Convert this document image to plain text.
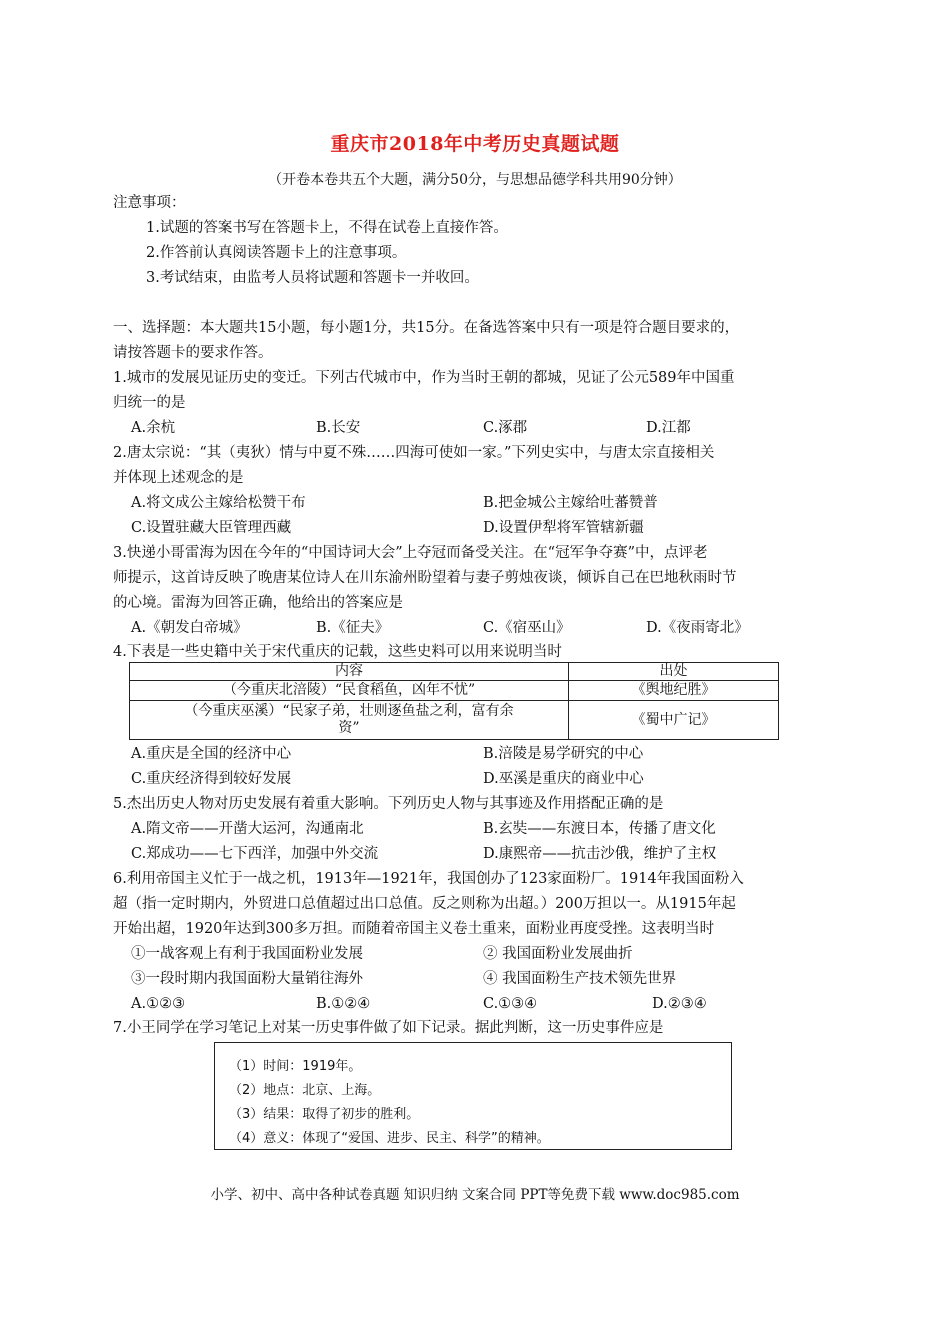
重庆市2018年中考历史真题试题
（开卷本卷共五个大题，满分50分，与思想品德学科共用90分钟）
注意事项：
1.试题的答案书写在答题卡上，不得在试卷上直接作答。
2.作答前认真阅读答题卡上的注意事项。
3.考试结束，由监考人员将试题和答题卡一并收回。
一、选择题：本大题共15小题，每小题1分，共15分。在备选答案中只有一项是符合题目要求的，
请按答题卡的要求作答。
1.城市的发展见证历史的变迁。下列古代城市中，作为当时王朝的都城，见证了公元589年中国重
归统一的是
A.余杭	B.长安	C.涿郡	D.江都
2.唐太宗说：“其（夷狄）情与中夏不殊……四海可使如一家。”下列史实中，与唐太宗直接相关
并体现上述观念的是
A.将文成公主嫁给松赞干布	B.把金城公主嫁给吐蕃赞普
C.设置驻藏大臣管理西藏	D.设置伊犁将军管辖新疆
3.快递小哥雷海为因在今年的“中国诗词大会”上夺冠而备受关注。在“冠军争夺赛”中，点评老
师提示，这首诗反映了晚唐某位诗人在川东渝州盼望着与妻子剪烛夜谈，倾诉自己在巴地秋雨时节
的心境。雷海为回答正确，他给出的答案应是
A.《朝发白帝城》	B.《征夫》	C.《宿巫山》	D.《夜雨寄北》
4.下表是一些史籍中关于宋代重庆的记载，这些史料可以用来说明当时
内容	出处
（今重庆北涪陵）“民食稻鱼，凶年不忧”	《舆地纪胜》

（今重庆巫溪）“民家子弟，壮则逐鱼盐之利，富有余
资”	《蜀中广记》
A.重庆是全国的经济中心	B.涪陵是易学研究的中心
C.重庆经济得到较好发展	D.巫溪是重庆的商业中心
5.杰出历史人物对历史发展有着重大影响。下列历史人物与其事迹及作用搭配正确的是
A.隋文帝——开凿大运河，沟通南北	B.玄奘——东渡日本，传播了唐文化
C.郑成功——七下西洋，加强中外交流	D.康熙帝——抗击沙俄，维护了主权
6.利用帝国主义忙于一战之机，1913年—1921年，我国创办了123家面粉厂。1914年我国面粉入
超（指一定时期内，外贸进口总值超过出口总值。反之则称为出超。）200万担以一。从1915年起
开始出超，1920年达到300多万担。而随着帝国主义卷土重来，面粉业再度受挫。这表明当时
①一战客观上有利于我国面粉业发展	② 我国面粉业发展曲折
③一段时期内我国面粉大量销往海外	④ 我国面粉生产技术领先世界
A.①②③	B.①②④	C.①③④	D.②③④
7.小王同学在学习笔记上对某一历史事件做了如下记录。据此判断，这一历史事件应是
（1）时间：1919年。
（2）地点：北京、上海。
（3）结果：取得了初步的胜利。
（4）意义：体现了“爱国、进步、民主、科学”的精神。
小学、初中、高中各种试卷真题 知识归纳 文案合同 PPT等免费下载 www.doc985.com
